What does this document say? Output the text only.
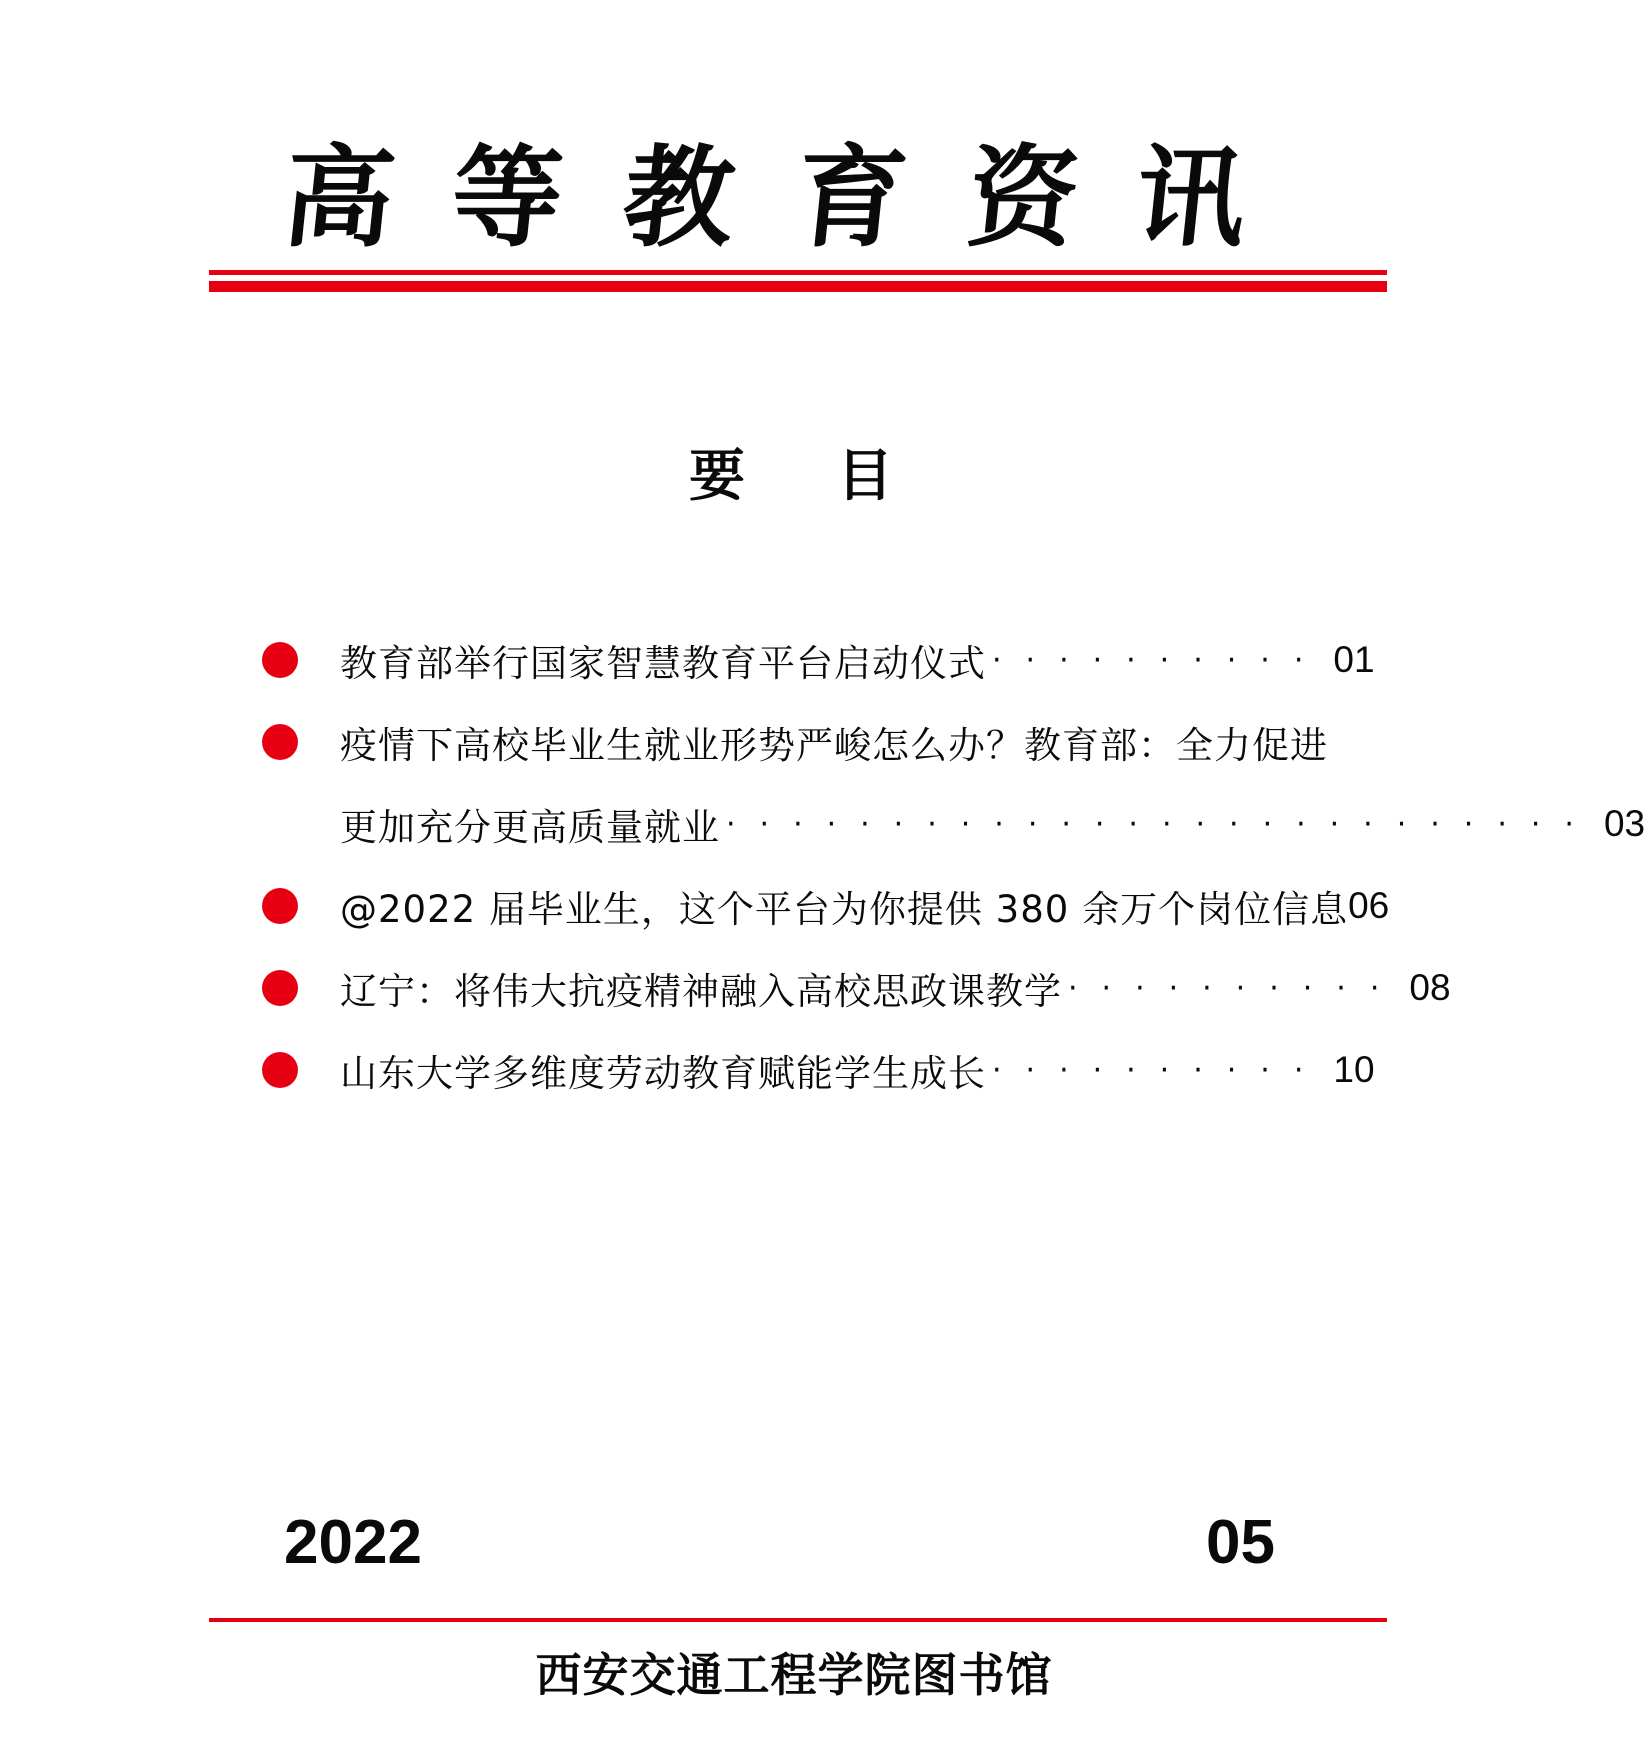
高 等 教 育 资 讯
要 目
教育部举行国家智慧教育平台启动仪式 ·········· 01
疫情下高校毕业生就业形势严峻怎么办？教育部：全力促进
更加充分更高质量就业 ·························· 03
@2022 届毕业生，这个平台为你提供 380 余万个岗位信息 06
辽宁：将伟大抗疫精神融入高校思政课教学 ·········· 08
山东大学多维度劳动教育赋能学生成长 ·········· 10
2022	05
西安交通工程学院图书馆
